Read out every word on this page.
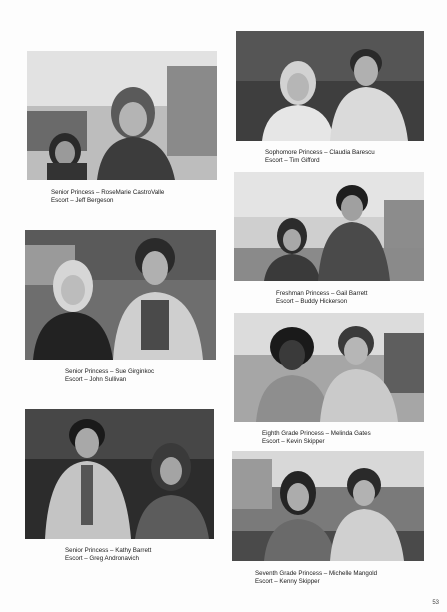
Senior Princess – RoseMarie CastroValle
Escort – Jeff Bergeson
Senior Princess – Sue Girginkoc
Escort – John Sullivan
Senior Princess – Kathy Barrett
Escort – Greg Andronavich
Sophomore Princess – Claudia Barescu
Escort – Tim Gifford
Freshman Princess – Gail Barrett
Escort – Buddy Hickerson
Eighth Grade Princess – Melinda Gates
Escort – Kevin Skipper
Seventh Grade Princess – Michelle Mangold
Escort – Kenny Skipper
53
